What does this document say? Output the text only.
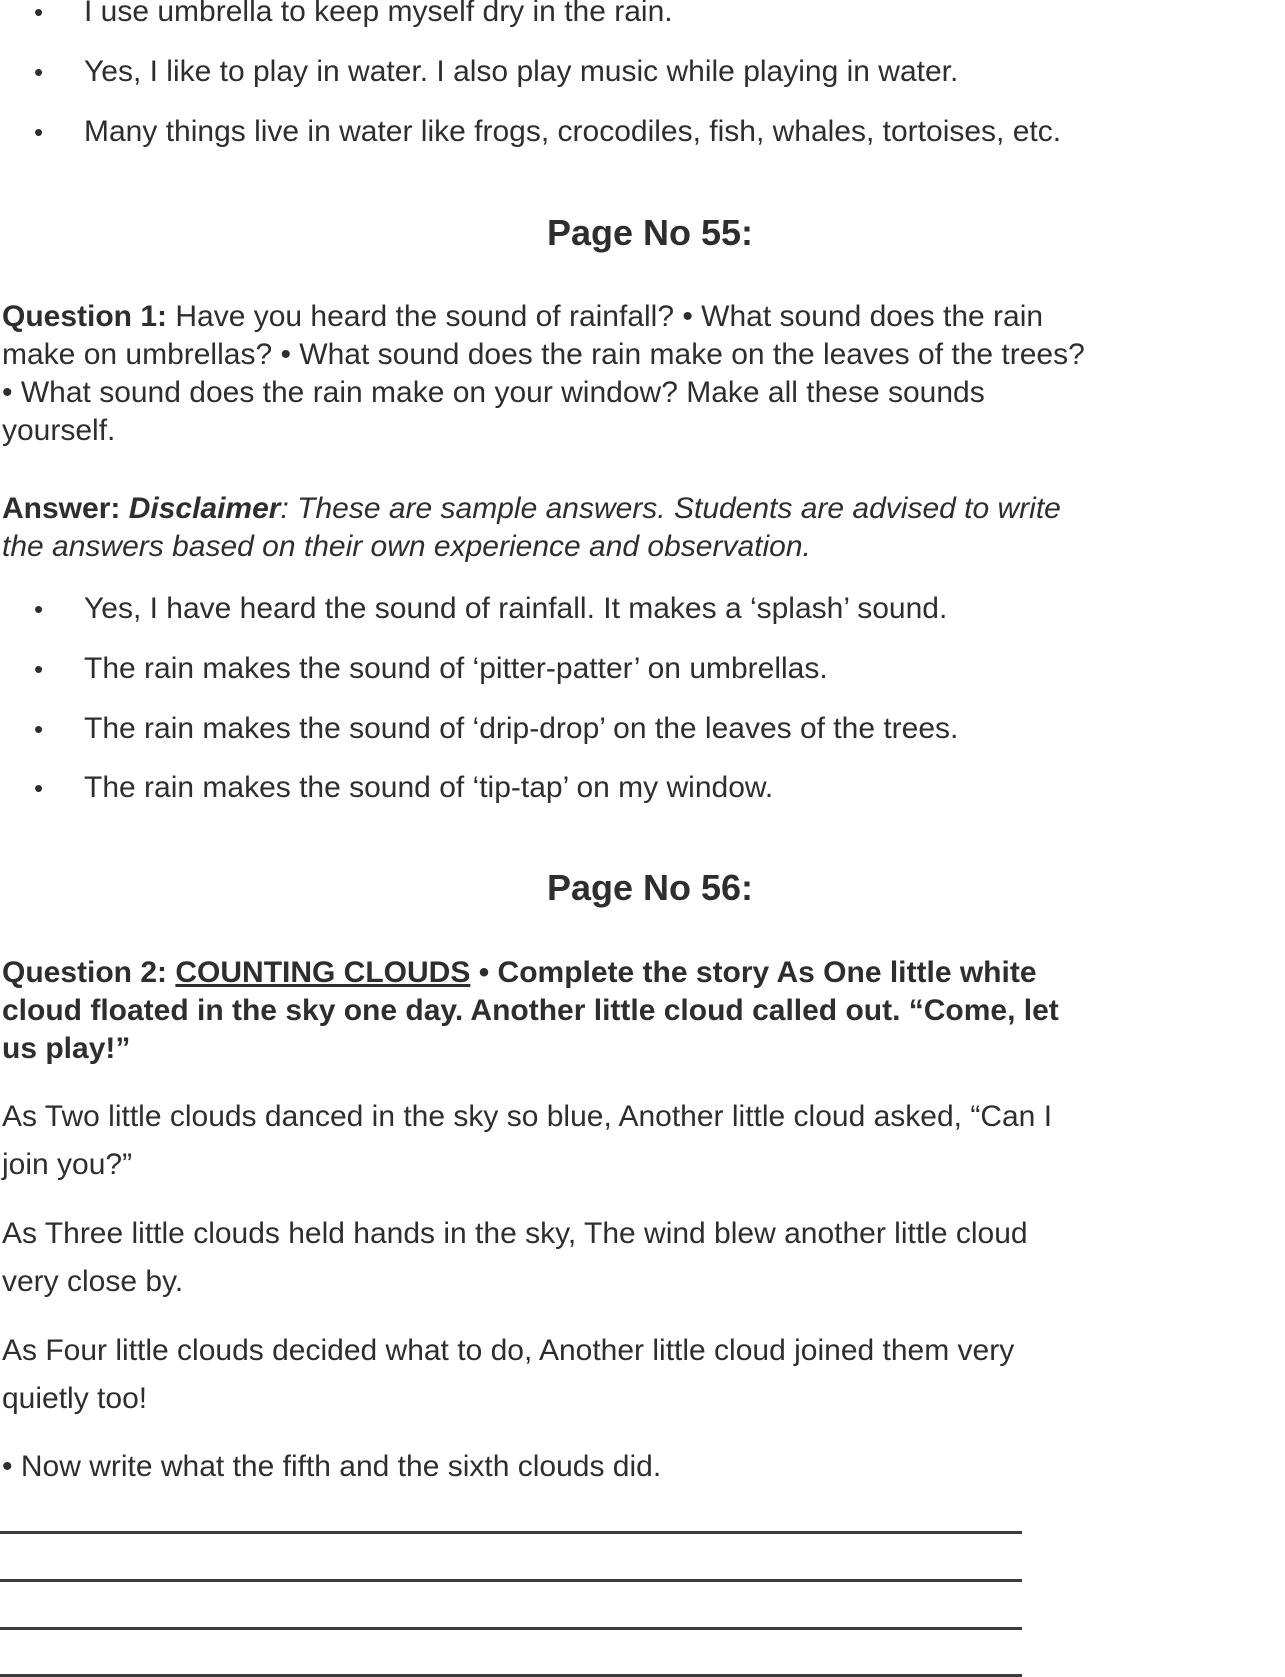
• I use umbrella to keep myself dry in the rain.
• Yes, I like to play in water. I also play music while playing in water.
• Many things live in water like frogs, crocodiles, fish, whales, tortoises, etc.
Page No 55:
Question 1: Have you heard the sound of rainfall? • What sound does the rain
make on umbrellas? • What sound does the rain make on the leaves of the trees?
• What sound does the rain make on your window? Make all these sounds
yourself.
Answer: Disclaimer: These are sample answers. Students are advised to write
the answers based on their own experience and observation.
• Yes, I have heard the sound of rainfall. It makes a ‘splash’ sound.
• The rain makes the sound of ‘pitter-patter’ on umbrellas.
• The rain makes the sound of ‘drip-drop’ on the leaves of the trees.
• The rain makes the sound of ‘tip-tap’ on my window.
Page No 56:
Question 2: COUNTING CLOUDS • Complete the story As One little white
cloud floated in the sky one day. Another little cloud called out. “Come, let
us play!”
As Two little clouds danced in the sky so blue, Another little cloud asked, “Can I
join you?”
As Three little clouds held hands in the sky, The wind blew another little cloud
very close by.
As Four little clouds decided what to do, Another little cloud joined them very
quietly too!
• Now write what the fifth and the sixth clouds did.
